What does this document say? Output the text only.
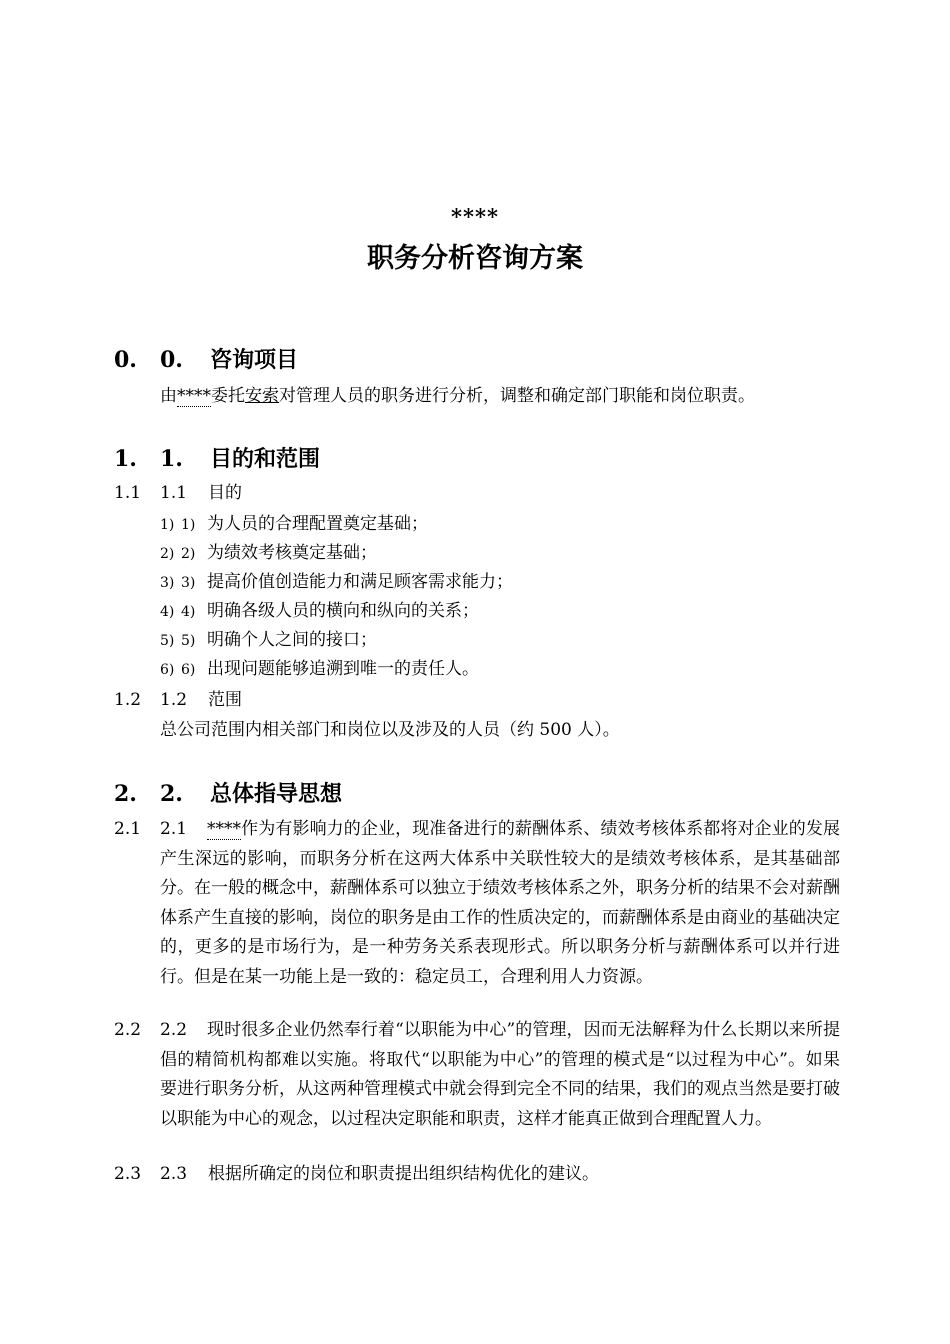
****
职务分析咨询方案
0. 0. 咨询项目
由****委托安索对管理人员的职务进行分析，调整和确定部门职能和岗位职责。
1. 1. 目的和范围
1.1 1.1 目的
1) 1) 为人员的合理配置奠定基础；
2) 2) 为绩效考核奠定基础；
3) 3) 提高价值创造能力和满足顾客需求能力；
4) 4) 明确各级人员的横向和纵向的关系；
5) 5) 明确个人之间的接口；
6) 6) 出现问题能够追溯到唯一的责任人。
1.2 1.2 范围
总公司范围内相关部门和岗位以及涉及的人员（约 500 人）。
2. 2. 总体指导思想
2.1 2.1	****作为有影响力的企业，现准备进行的薪酬体系、绩效考核体系都将对企业的发展产生深远的影响，而职务分析在这两大体系中关联性较大的是绩效考核体系，是其基础部分。在一般的概念中，薪酬体系可以独立于绩效考核体系之外，职务分析的结果不会对薪酬体系产生直接的影响，岗位的职务是由工作的性质决定的，而薪酬体系是由商业的基础决定的，更多的是市场行为，是一种劳务关系表现形式。所以职务分析与薪酬体系可以并行进行。但是在某一功能上是一致的：稳定员工，合理利用人力资源。
2.2 2.2	现时很多企业仍然奉行着“以职能为中心”的管理，因而无法解释为什么长期以来所提倡的精简机构都难以实施。将取代“以职能为中心”的管理的模式是“以过程为中心”。如果要进行职务分析，从这两种管理模式中就会得到完全不同的结果，我们的观点当然是要打破以职能为中心的观念，以过程决定职能和职责，这样才能真正做到合理配置人力。
2.3 2.3 根据所确定的岗位和职责提出组织结构优化的建议。
